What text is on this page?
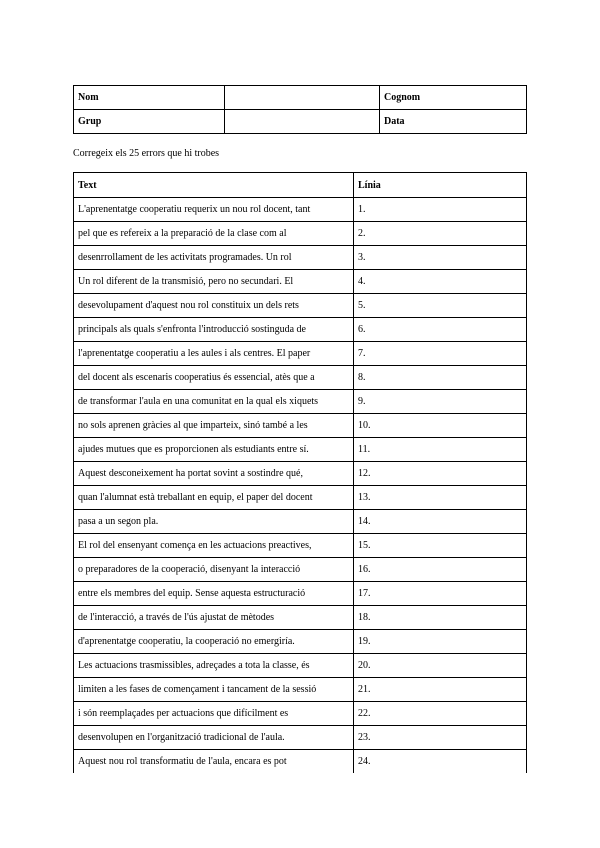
Nom		Cognom
Grup		Data
Corregeix els 25 errors que hi trobes
Text	Línia
L'aprenentatge cooperatiu requerix un nou rol docent, tant	1.
pel que es refereix a la preparació de la clase com al	2.
desenrrollament de les activitats programades. Un rol	3.
Un rol diferent de la transmisió, pero no secundari. El	4.
desevolupament d'aquest nou rol constituix un dels rets	5.
principals als quals s'enfronta l'introducció sostinguda de	6.
l'aprenentatge cooperatiu a les aules i als centres. El paper	7.
del docent als escenaris cooperatius és essencial, atès que a	8.
de transformar l'aula en una comunitat en la qual els xiquets	9.
no sols aprenen gràcies al que imparteix, sinó també a les	10.
ajudes mutues que es proporcionen als estudiants entre sí.	11.
Aquest desconeixement ha portat sovint a sostindre qué,	12.
quan l'alumnat està treballant en equip, el paper del docent	13.
pasa a un segon pla.	14.
El rol del ensenyant comença en les actuacions preactives,	15.
o preparadores de la cooperació, disenyant la interacció	16.
entre els membres del equip. Sense aquesta estructuració	17.
de l'interacció, a través de l'ús ajustat de mètodes	18.
d'aprenentatge cooperatiu, la cooperació no emergiría.	19.
Les actuacions trasmissibles, adreçades a tota la classe, és	20.
limiten a les fases de començament i tancament de la sessió	21.
i són reemplaçades per actuacions que difícilment es	22.
desenvolupen en l'organització tradicional de l'aula.	23.
Aquest nou rol transformatiu de l'aula, encara es pot	24.
